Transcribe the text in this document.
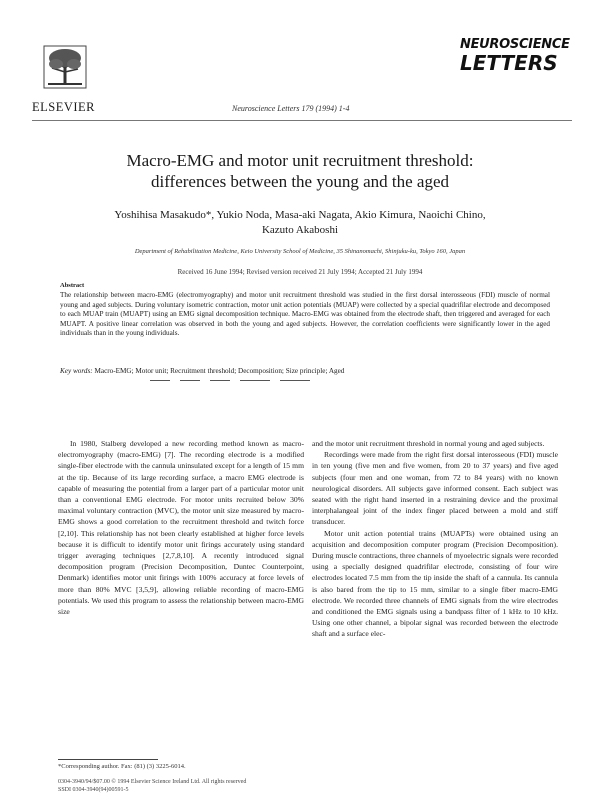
ELSEVIER	Neuroscience Letters 179 (1994) 1-4
NEUROSCIENCE
LETTERS
Macro-EMG and motor unit recruitment threshold:
differences between the young and the aged
Yoshihisa Masakudo*, Yukio Noda, Masa-aki Nagata, Akio Kimura, Naoichi Chino,
Kazuto Akaboshi
Department of Rehabilitation Medicine, Keio University School of Medicine, 35 Shinanomachi, Shinjuku-ku, Tokyo 160, Japan
Received 16 June 1994; Revised version received 21 July 1994; Accepted 21 July 1994
Abstract
The relationship between macro-EMG (electromyography) and motor unit recruitment threshold was studied in the first dorsal interosseous (FDI) muscle of normal young and aged subjects. During voluntary isometric contraction, motor unit action potentials (MUAP) were collected by a special quadrifilar electrode and decomposed to each MUAP train (MUAPT) using an EMG signal decomposition technique. Macro-EMG was obtained from the electrode shaft, then triggered and averaged for each MUAPT. A positive linear correlation was observed in both the young and aged subjects. However, the correlation coefficients were significantly lower in the aged individuals than in the young individuals.
Key words: Macro-EMG; Motor unit; Recruitment threshold; Decomposition; Size principle; Aged

In 1980, Stalberg developed a new recording method known as macro-electromyography (macro-EMG) [7]. The recording electrode is a modified single-fiber electrode with the cannula uninsulated except for a length of 15 mm at the tip. Because of its large recording surface, a macro EMG electrode is capable of measuring the potential from a larger part of a particular motor unit than a conventional EMG electrode. For motor units recruited below 30% maximal voluntary contraction (MVC), the motor unit size measured by macro-EMG shows a good correlation to the recruitment threshold and twitch force [2,10]. This relationship has not been clearly established at higher force levels because it is difficult to identify motor unit firings accurately using standard trigger averaging techniques [2,7,8,10]. A recently introduced signal decomposition program (Precision Decomposition, Duntec Counterpoint, Denmark) identifies motor unit firings with 100% accuracy at force levels of more than 80% MVC [3,5,9], allowing reliable recording of macro-EMG potentials. We used this program to assess the relationship between macro-EMG size

and the motor unit recruitment threshold in normal young and aged subjects.

Recordings were made from the right first dorsal interosseous (FDI) muscle in ten young (five men and five women, from 20 to 37 years) and five aged subjects (four men and one woman, from 72 to 84 years) with no known neurological disorders. All subjects gave informed consent. Each subject was seated with the right hand inserted in a restraining device and the proximal interphalangeal joint of the index finger placed between a mold and stiff transducer.

Motor unit action potential trains (MUAPTs) were obtained using an acquisition and decomposition computer program (Precision Decomposition). During muscle contractions, three channels of myoelectric signals were recorded using a specially designed quadrifilar electrode, consisting of four wire electrodes located 7.5 mm from the tip inside the shaft of a cannula. Its cannula is also bared from the tip to 15 mm, similar to a single fiber macro-EMG electrode. We recorded three channels of EMG signals from the wire electrodes and conditioned the EMG signals using a bandpass filter of 1 kHz to 10 kHz. Using one other channel, a bipolar signal was recorded between the electrode shaft and a surface elec-

*Corresponding author. Fax: (81) (3) 3225-6014.
0304-3940/94/$07.00 © 1994 Elsevier Science Ireland Ltd. All rights reserved
SSDI 0304-3940(94)00591-5
